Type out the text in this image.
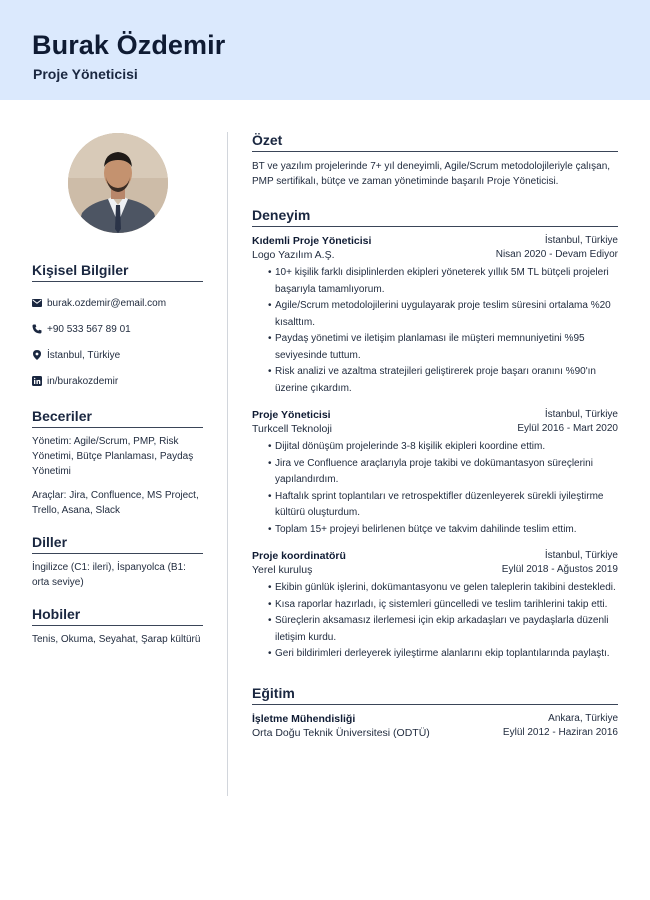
Burak Özdemir
Proje Yöneticisi
Kişisel Bilgiler
burak.ozdemir@email.com
+90 533 567 89 01
İstanbul, Türkiye
in/burakozdemir
Beceriler
Yönetim: Agile/Scrum, PMP, Risk Yönetimi, Bütçe Planlaması, Paydaş Yönetimi
Araçlar: Jira, Confluence, MS Project, Trello, Asana, Slack
Diller
İngilizce (C1: ileri), İspanyolca (B1: orta seviye)
Hobiler
Tenis, Okuma, Seyahat, Şarap kültürü
Özet
BT ve yazılım projelerinde 7+ yıl deneyimli, Agile/Scrum metodolojileriyle çalışan, PMP sertifikalı, bütçe ve zaman yönetiminde başarılı Proje Yöneticisi.
Deneyim
Kıdemli Proje Yöneticisi	İstanbul, Türkiye
Logo Yazılım A.Ş.	Nisan 2020 - Devam Ediyor
• 10+ kişilik farklı disiplinlerden ekipleri yöneterek yıllık 5M TL bütçeli projeleri başarıyla tamamlıyorum.
• Agile/Scrum metodolojilerini uygulayarak proje teslim süresini ortalama %20 kısalttım.
• Paydaş yönetimi ve iletişim planlaması ile müşteri memnuniyetini %95 seviyesinde tuttum.
• Risk analizi ve azaltma stratejileri geliştirerek proje başarı oranını %90'ın üzerine çıkardım.
Proje Yöneticisi	İstanbul, Türkiye
Turkcell Teknoloji	Eylül 2016 - Mart 2020
• Dijital dönüşüm projelerinde 3-8 kişilik ekipleri koordine ettim.
• Jira ve Confluence araçlarıyla proje takibi ve dokümantasyon süreçlerini yapılandırdım.
• Haftalık sprint toplantıları ve retrospektifler düzenleyerek sürekli iyileştirme kültürü oluşturdum.
• Toplam 15+ projeyi belirlenen bütçe ve takvim dahilinde teslim ettim.
Proje koordinatörü	İstanbul, Türkiye
Yerel kuruluş	Eylül 2018 - Ağustos 2019
• Ekibin günlük işlerini, dokümantasyonu ve gelen taleplerin takibini destekledi.
• Kısa raporlar hazırladı, iç sistemleri güncelledi ve teslim tarihlerini takip etti.
• Süreçlerin aksamasız ilerlemesi için ekip arkadaşları ve paydaşlarla düzenli iletişim kurdu.
• Geri bildirimleri derleyerek iyileştirme alanlarını ekip toplantılarında paylaştı.
Eğitim
İşletme Mühendisliği	Ankara, Türkiye
Orta Doğu Teknik Üniversitesi (ODTÜ)	Eylül 2012 - Haziran 2016
